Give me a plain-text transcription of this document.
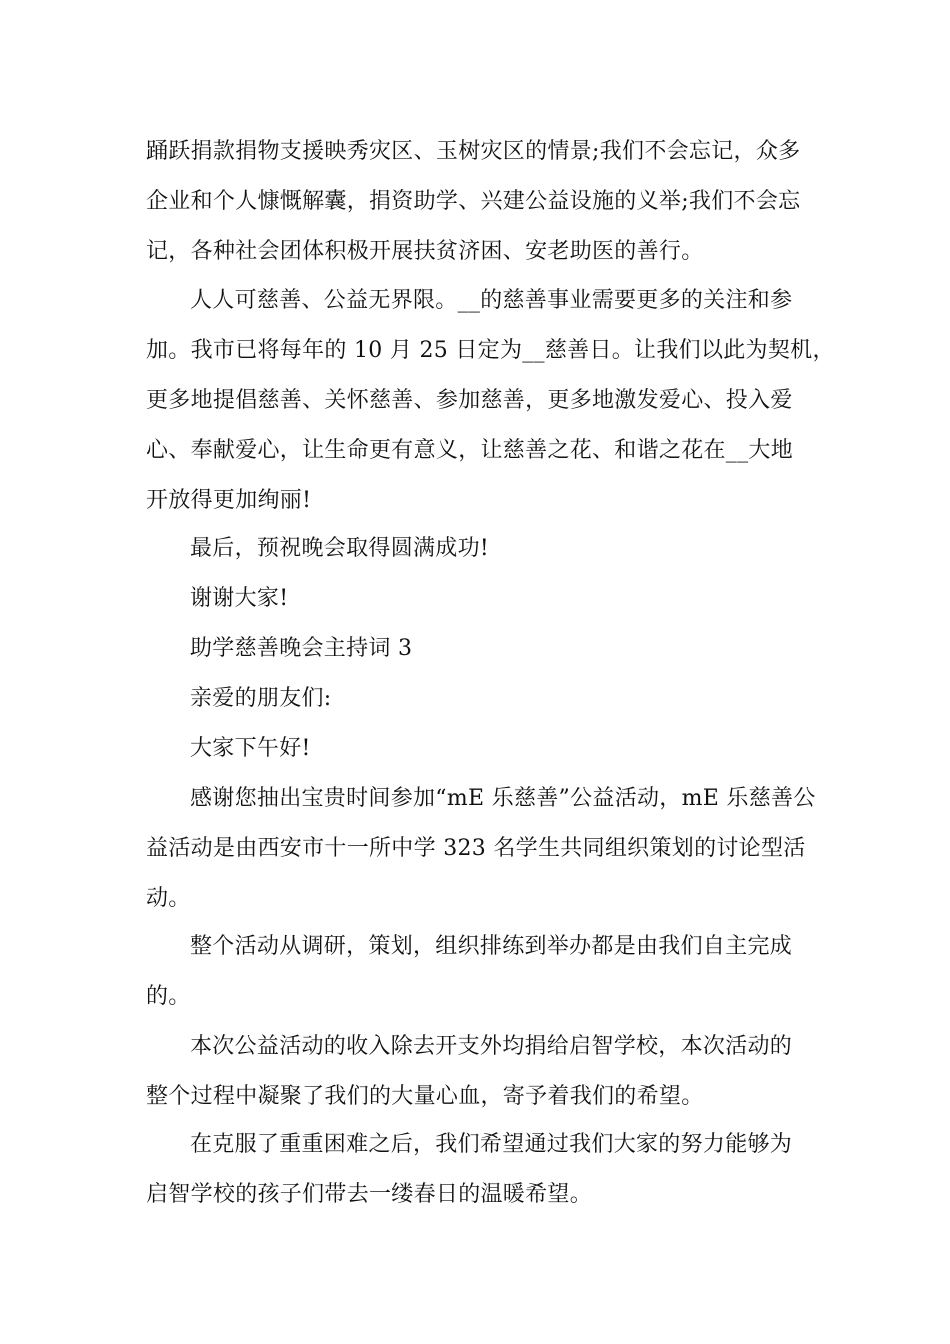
踊跃捐款捐物支援映秀灾区、玉树灾区的情景;我们不会忘记，众多
企业和个人慷慨解囊，捐资助学、兴建公益设施的义举;我们不会忘
记，各种社会团体积极开展扶贫济困、安老助医的善行。
人人可慈善、公益无界限。__的慈善事业需要更多的关注和参
加。我市已将每年的 10 月 25 日定为__慈善日。让我们以此为契机，
更多地提倡慈善、关怀慈善、参加慈善，更多地激发爱心、投入爱
心、奉献爱心，让生命更有意义，让慈善之花、和谐之花在__大地
开放得更加绚丽!
最后，预祝晚会取得圆满成功!
谢谢大家!
助学慈善晚会主持词 3
亲爱的朋友们:
大家下午好!
感谢您抽出宝贵时间参加“mE 乐慈善”公益活动，mE 乐慈善公
益活动是由西安市十一所中学 323 名学生共同组织策划的讨论型活
动。
整个活动从调研，策划，组织排练到举办都是由我们自主完成
的。
本次公益活动的收入除去开支外均捐给启智学校，本次活动的
整个过程中凝聚了我们的大量心血，寄予着我们的希望。
在克服了重重困难之后，我们希望通过我们大家的努力能够为
启智学校的孩子们带去一缕春日的温暖希望。
